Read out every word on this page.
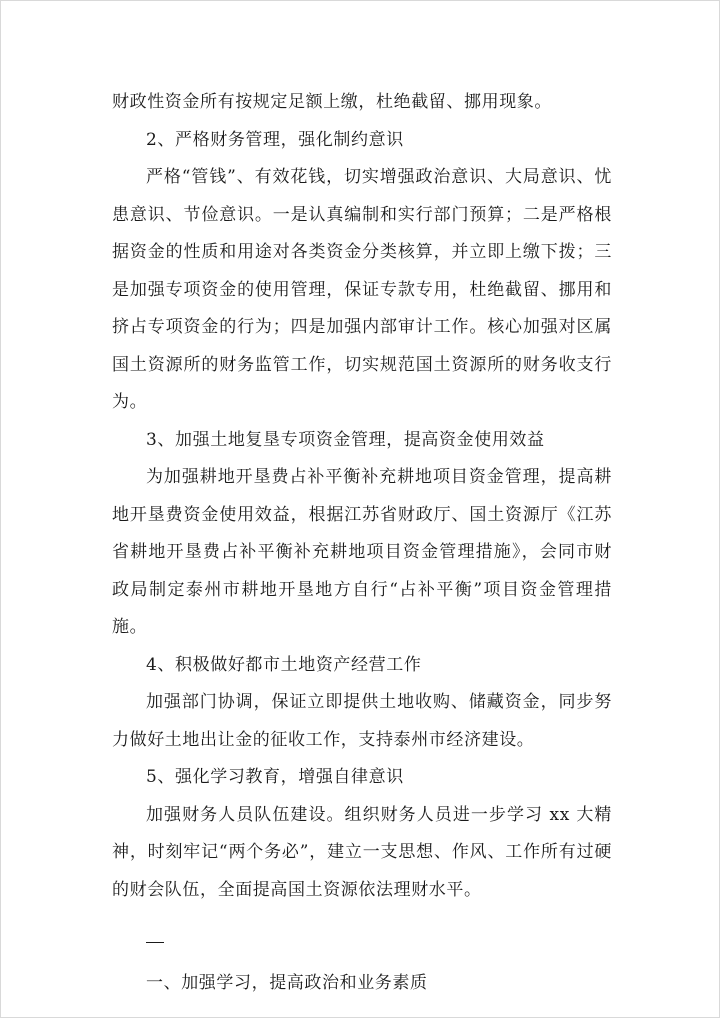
财政性资金所有按规定足额上缴，杜绝截留、挪用现象。

2、严格财务管理，强化制约意识

严格“管钱”、有效花钱，切实增强政治意识、大局意识、忧患意识、节俭意识。一是认真编制和实行部门预算；二是严格根据资金的性质和用途对各类资金分类核算，并立即上缴下拨；三是加强专项资金的使用管理，保证专款专用，杜绝截留、挪用和挤占专项资金的行为；四是加强内部审计工作。核心加强对区属国土资源所的财务监管工作，切实规范国土资源所的财务收支行为。

3、加强土地复垦专项资金管理，提高资金使用效益

为加强耕地开垦费占补平衡补充耕地项目资金管理，提高耕地开垦费资金使用效益，根据江苏省财政厅、国土资源厅《江苏省耕地开垦费占补平衡补充耕地项目资金管理措施》，会同市财政局制定泰州市耕地开垦地方自行“占补平衡”项目资金管理措施。

4、积极做好都市土地资产经营工作

加强部门协调，保证立即提供土地收购、储藏资金，同步努力做好土地出让金的征收工作，支持泰州市经济建设。

5、强化学习教育，增强自律意识

加强财务人员队伍建设。组织财务人员进一步学习 xx 大精神，时刻牢记“两个务必”，建立一支思想、作风、工作所有过硬的财会队伍，全面提高国土资源依法理财水平。

一、加强学习，提高政治和业务素质
